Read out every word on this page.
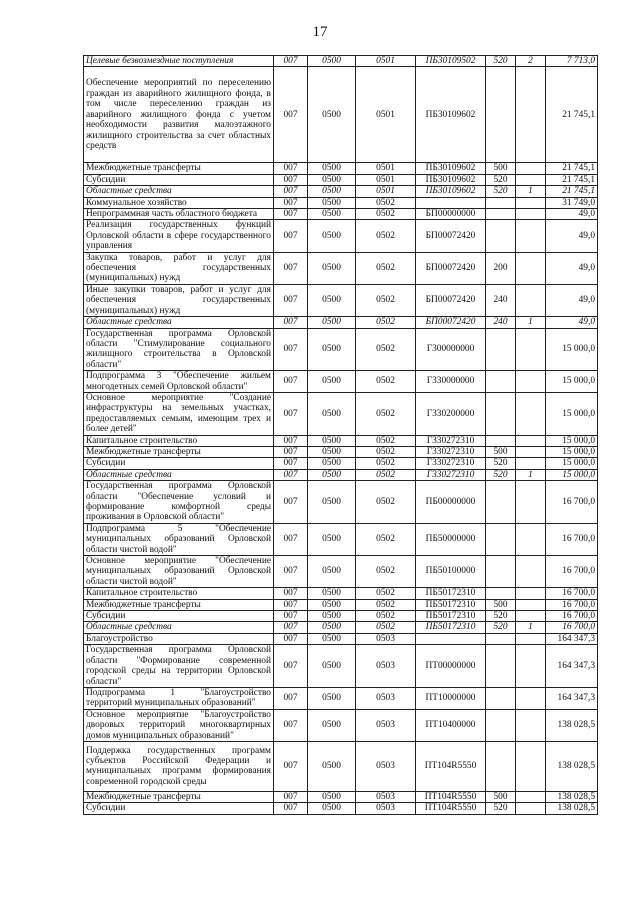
17
Целевые безвозмездные поступления	007	0500	0501	ПБ30109502	520	2	7 713,0
Обеспечение мероприятий по переселению граждан из аварийного жилищного фонда, в том числе переселению граждан из аварийного жилищного фонда с учетом необходимости развития малоэтажного жилищного строительства за счет областных средств	007	0500	0501	ПБ30109602			21 745,1
Межбюджетные трансферты	007	0500	0501	ПБ30109602	500		21 745,1
Субсидии	007	0500	0501	ПБ30109602	520		21 745,1
Областные средства	007	0500	0501	ПБ30109602	520	1	21 745,1
Коммунальное хозяйство	007	0500	0502				31 749,0
Непрограммная часть областного бюджета	007	0500	0502	БП00000000			49,0
Реализация государственных функций Орловской области в сфере государственного управления	007	0500	0502	БП00072420			49,0
Закупка товаров, работ и услуг для обеспечения государственных (муниципальных) нужд	007	0500	0502	БП00072420	200		49,0
Иные закупки товаров, работ и услуг для обеспечения государственных (муниципальных) нужд	007	0500	0502	БП00072420	240		49,0
Областные средства	007	0500	0502	БП00072420	240	1	49,0
Государственная программа Орловской области "Стимулирование социального жилищного строительства в Орловской области"	007	0500	0502	Г300000000			15 000,0
Подпрограмма 3 "Обеспечение жильем многодетных семей Орловской области"	007	0500	0502	Г330000000			15 000,0
Основное мероприятие "Создание инфраструктуры на земельных участках, предоставляемых семьям, имеющим трех и более детей"	007	0500	0502	Г330200000			15 000,0
Капитальное строительство	007	0500	0502	Г330272310			15 000,0
Межбюджетные трансферты	007	0500	0502	Г330272310	500		15 000,0
Субсидии	007	0500	0502	Г330272310	520		15 000,0
Областные средства	007	0500	0502	Г330272310	520	1	15 000,0
Государственная программа Орловской области "Обеспечение условий и формирование комфортной среды проживания в Орловской области"	007	0500	0502	ПБ00000000			16 700,0
Подпрограмма 5 "Обеспечение муниципальных образований Орловской области чистой водой"	007	0500	0502	ПБ50000000			16 700,0
Основное мероприятие "Обеспечение муниципальных образований Орловской области чистой водой"	007	0500	0502	ПБ50100000			16 700,0
Капитальное строительство	007	0500	0502	ПБ50172310			16 700,0
Межбюджетные трансферты	007	0500	0502	ПБ50172310	500		16 700,0
Субсидии	007	0500	0502	ПБ50172310	520		16 700,0
Областные средства	007	0500	0502	ПБ50172310	520	1	16 700,0
Благоустройство	007	0500	0503				164 347,3
Государственная программа Орловской области "Формирование современной городской среды на территории Орловской области"	007	0500	0503	ПТ00000000			164 347,3
Подпрограмма 1 "Благоустройство территорий муниципальных образований"	007	0500	0503	ПТ10000000			164 347,3
Основное мероприятие "Благоустройство дворовых территорий многоквартирных домов муниципальных образований"	007	0500	0503	ПТ10400000			138 028,5
Поддержка государственных программ субъектов Российской Федерации и муниципальных программ формирования современной городской среды	007	0500	0503	ПТ104R5550			138 028,5
Межбюджетные трансферты	007	0500	0503	ПТ104R5550	500		138 028,5
Субсидии	007	0500	0503	ПТ104R5550	520		138 028,5
